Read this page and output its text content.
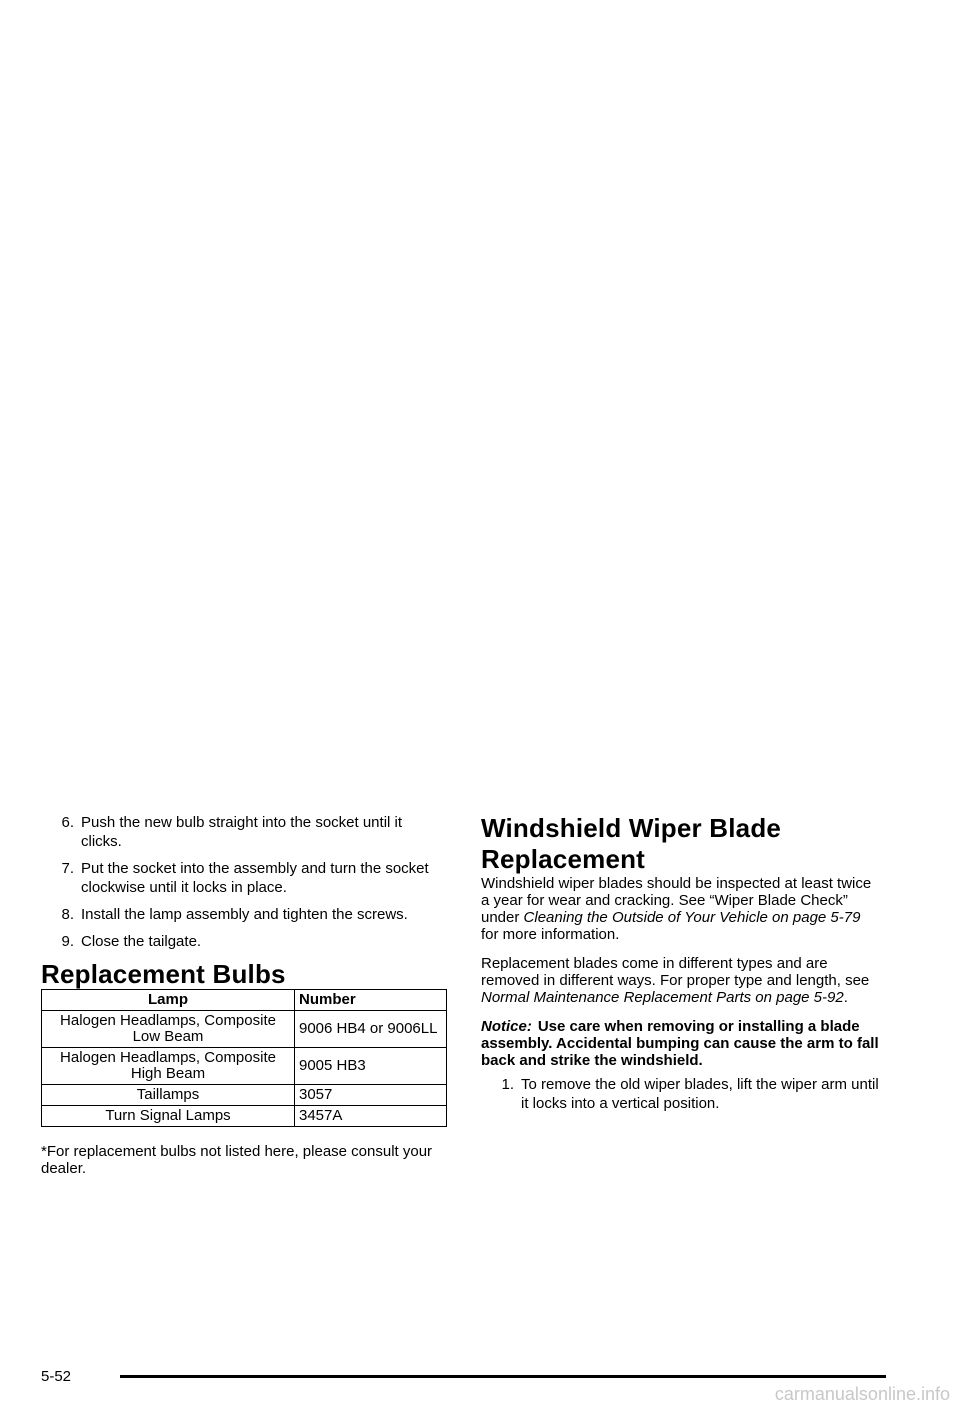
6. Push the new bulb straight into the socket until it clicks.
7. Put the socket into the assembly and turn the socket clockwise until it locks in place.
8. Install the lamp assembly and tighten the screws.
9. Close the tailgate.
Replacement Bulbs
Lamp	Number
Halogen Headlamps, Composite Low Beam	9006 HB4 or 9006LL
Halogen Headlamps, Composite High Beam	9005 HB3
Taillamps	3057
Turn Signal Lamps	3457A

*For replacement bulbs not listed here, please consult your dealer.

Windshield Wiper Blade Replacement

Windshield wiper blades should be inspected at least twice a year for wear and cracking. See “Wiper Blade Check” under Cleaning the Outside of Your Vehicle on page 5-79 for more information.

Replacement blades come in different types and are removed in different ways. For proper type and length, see Normal Maintenance Replacement Parts on page 5-92.

Notice: Use care when removing or installing a blade assembly. Accidental bumping can cause the arm to fall back and strike the windshield.

1. To remove the old wiper blades, lift the wiper arm until it locks into a vertical position.
5-52
carmanualsonline.info
